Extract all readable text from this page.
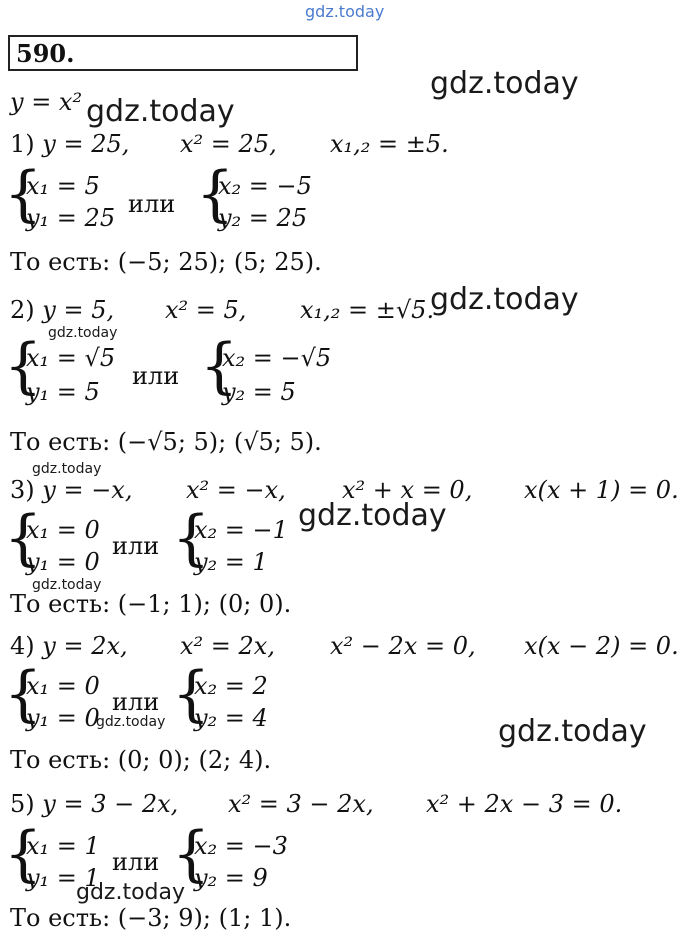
gdz.today
590.
y = x²
1) y = 25, x² = 25, x₁,₂ = ±5.
{
x₁ = 5
y₁ = 25 или {
x₂ = −5
y₂ = 25
То есть: (−5; 25); (5; 25).
2) y = 5, x² = 5, x₁,₂ = ±√5.
{
x₁ = √5
y₁ = 5
или {
x₂ = −√5
y₂ = 5
То есть: (−√5; 5); (√5; 5).
3) y = −x, x² = −x, x² + x = 0, x(x + 1) = 0.
{
x₁ = 0
y₁ = 0
или {
x₂ = −1
y₂ = 1
То есть: (−1; 1); (0; 0).
4) y = 2x, x² = 2x, x² − 2x = 0, x(x − 2) = 0.
{
x₁ = 0
y₁ = 0
или {
x₂ = 2
y₂ = 4
То есть: (0; 0); (2; 4).
5) y = 3 − 2x, x² = 3 − 2x, x² + 2x − 3 = 0.
{
x₁ = 1
y₁ = 1
или {
x₂ = −3
y₂ = 9
То есть: (−3; 9); (1; 1).
gdz.today
gdz.today
gdz.today
gdz.today
gdz.today
gdz.today
gdz.today
gdz.today	gdz.today
gdz.today
